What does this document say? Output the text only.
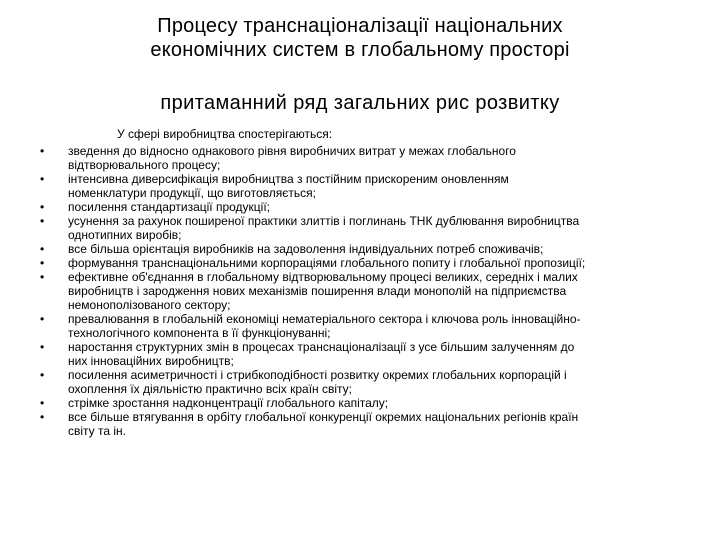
Процесу транснаціоналізації національних
економічних систем в глобальному просторі
притаманний ряд загальних рис розвитку
У сфері виробництва спостерігаються:
•	зведення до відносно однакового рівня виробничих витрат у межах глобального
відтворювального процесу;
•	інтенсивна диверсифікація виробництва з постійним прискореним оновленням
номенклатури продукції, що виготовляється;
•	посилення стандартизації продукції;
•	усунення за рахунок поширеної практики злиттів і поглинань ТНК дублювання виробництва
однотипних виробів;
•	все більша орієнтація виробників на задоволення індивідуальних потреб споживачів;
•	формування транснаціональними корпораціями глобального попиту і глобальної пропозиції;
•	ефективне об'єднання в глобальному відтворювальному процесі великих, середніх і малих
виробництв і зародження нових механізмів поширення влади монополій на підприємства
немонополізованого сектору;
•	превалювання в глобальній економіці нематеріального сектора і ключова роль інноваційно-
технологічного компонента в її функціонуванні;
•	наростання структурних змін в процесах транснаціоналізації з усе більшим залученням до
них інноваційних виробництв;
•	посилення асиметричності і стрибкоподібності розвитку окремих глобальних корпорацій і
охоплення їх діяльністю практично всіх країн світу;
•	стрімке зростання надконцентрації глобального капіталу;
•	все більше втягування в орбіту глобальної конкуренції окремих національних регіонів країн
світу та ін.
